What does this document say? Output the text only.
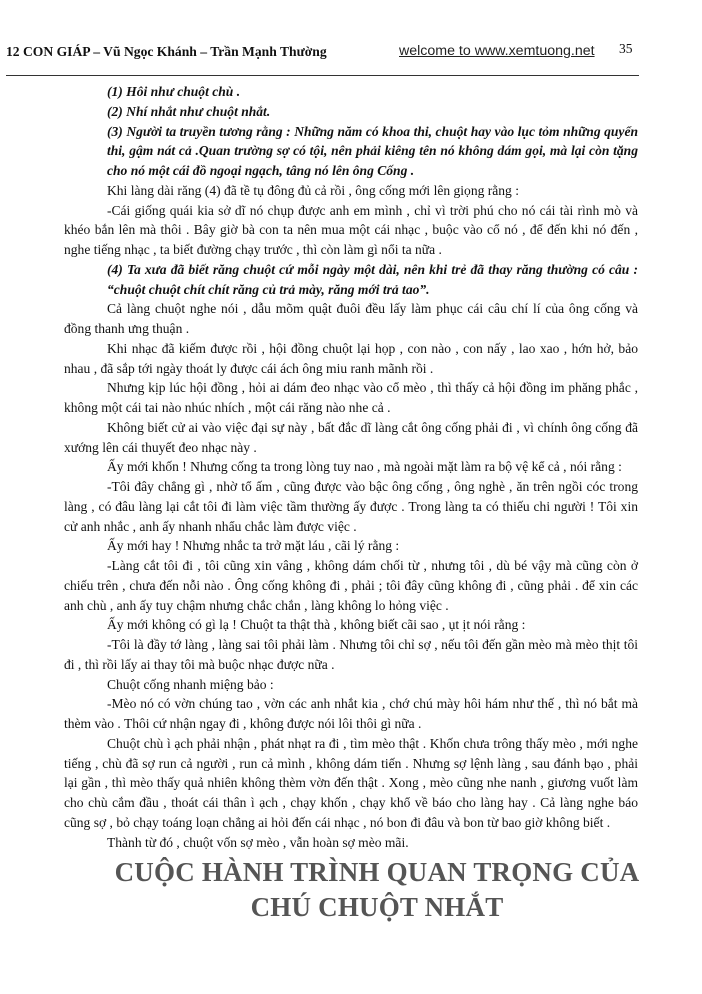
12 CON GIÁP – Vũ Ngọc Khánh – Trần Mạnh Thường	welcome to www.xemtuong.net 35

(1) Hôi như chuột chù .

(2) Nhí nhắt như chuột nhắt.

(3) Người ta truyền tương rằng : Những năm có khoa thi, chuột hay vào lục tỏm những quyển thi, gậm nát cả .Quan trường sợ có tội, nên phải kiêng tên nó không dám gọi, mà lại còn tặng cho nó một cái đồ ngoại ngạch, tâng nó lên ông Cống .

Khi làng dài răng (4) đã tề tụ đông đủ cả rồi , ông cống mới lên giọng rằng :

-Cái giống quái kia sở dĩ nó chụp được anh em mình , chỉ vì trời phú cho nó cái tài rình mò và khéo bắn lên mà thôi . Bây giờ bà con ta nên mua một cái nhạc , buộc vào cổ nó , để đến khi nó đến , nghe tiếng nhạc , ta biết đường chạy trước , thì còn làm gì nổi ta nữa .

(4) Ta xưa đã biết răng chuột cứ mỗi ngày một dài, nên khi trẻ đã thay răng thường có câu : “chuột chuột chít chít răng củ trả mày, răng mới trả tao”.

Cả làng chuột nghe nói , dẫu mõm quật đuôi đều lấy làm phục cái câu chí lí của ông cống và đồng thanh ưng thuận .

Khi nhạc đã kiếm được rồi , hội đồng chuột lại họp , con nào , con nấy , lao xao , hớn hở, bảo nhau , đã sắp tới ngày thoát ly được cái ách ông miu ranh mãnh rồi .

Nhưng kịp lúc hội đồng , hỏi ai dám đeo nhạc vào cổ mèo , thì thấy cả hội đồng im phăng phắc , không một cái tai nào nhúc nhích , một cái răng nào nhe cả .

Không biết cử ai vào việc đại sự này , bất đắc dĩ làng cắt ông cống phải đi , vì chính ông cống đã xướng lên cái thuyết đeo nhạc này .

Ấy mới khốn ! Nhưng cống ta trong lòng tuy nao , mà ngoài mặt làm ra bộ vệ kể cả , nói rằng :

-Tôi đây chẳng gì , nhờ tổ ấm , cũng được vào bậc ông cống , ông nghè , ăn trên ngồi cóc trong làng , có đâu làng lại cắt tôi đi làm việc tầm thường ấy được . Trong làng ta có thiếu chi người ! Tôi xin cử anh nhắc , anh ấy nhanh nhẩu chắc làm được việc .

Ấy mới hay ! Nhưng nhắc ta trở mặt láu , cãi lý rằng :

-Làng cắt tôi đi , tôi cũng xin vâng , không dám chối từ , nhưng tôi , dù bé vậy mà cũng còn ở chiếu trên , chưa đến nỗi nào . Ông cống không đi , phải ; tôi đây cũng không đi , cũng phải . để xin các anh chù , anh ấy tuy chậm nhưng chắc chắn , làng không lo hỏng việc .

Ấy mới không có gì lạ ! Chuột ta thật thà , không biết cãi sao , ụt ịt nói rằng :

-Tôi là đầy tớ làng , làng sai tôi phải làm . Nhưng tôi chỉ sợ , nếu tôi đến gần mèo mà mèo thịt tôi đi , thì rồi lấy ai thay tôi mà buộc nhạc được nữa .

Chuột cống nhanh miệng bảo :

-Mèo nó có vờn chúng tao , vờn các anh nhắt kia , chớ chú mày hôi hám như thế , thì nó bắt mà thèm vào . Thôi cứ nhận ngay đi , không được nói lôi thôi gì nữa .

Chuột chù ì ạch phải nhận , phát nhạt ra đi , tìm mèo thật . Khốn chưa trông thấy mèo , mới nghe tiếng , chù đã sợ run cả người , run cả mình , không dám tiến . Nhưng sợ lệnh làng , sau đánh bạo , phải lại gần , thì mèo thấy quả nhiên không thèm vờn đến thật . Xong , mèo cũng nhe nanh , giương vuốt làm cho chù cắm đầu , thoát cái thân ì ạch , chạy khốn , chạy khổ về báo cho làng hay . Cả làng nghe báo cũng sợ , bỏ chạy toáng loạn chẳng ai hỏi đến cái nhạc , nó bon đi đâu và bon từ bao giờ không biết .

Thành từ đó , chuột vốn sợ mèo , vẫn hoàn sợ mèo mãi.

CUỘC HÀNH TRÌNH QUAN TRỌNG CỦA
CHÚ CHUỘT NHẮT
